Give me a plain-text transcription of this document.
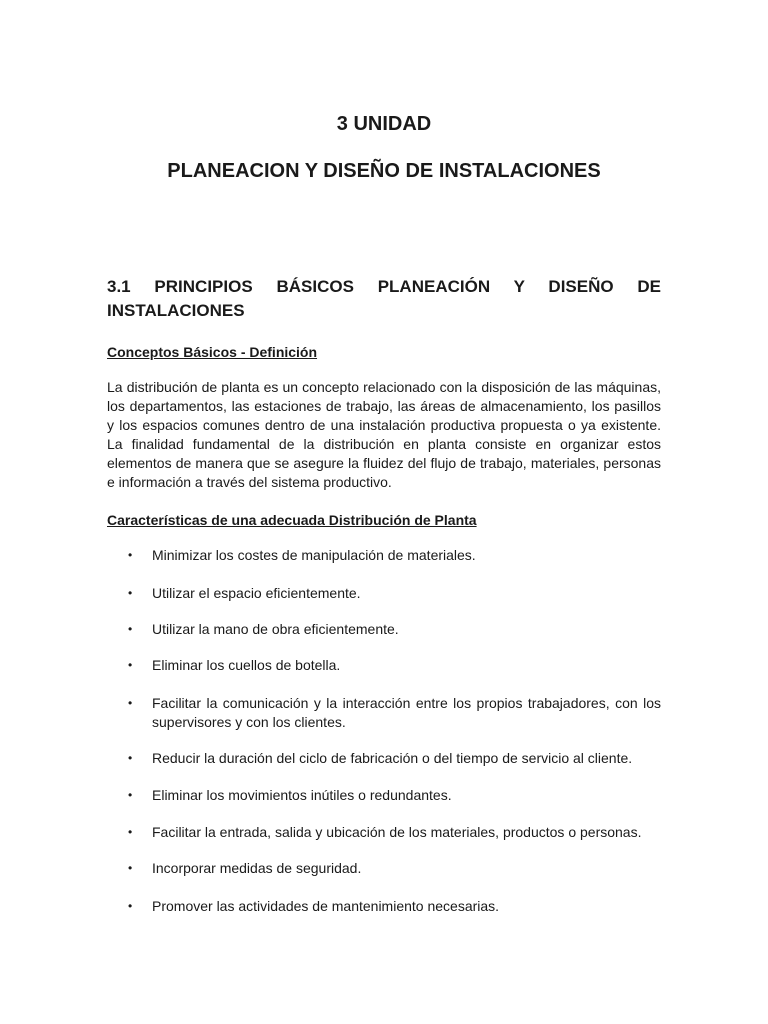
3 UNIDAD
PLANEACION Y DISEÑO DE INSTALACIONES
3.1 PRINCIPIOS BÁSICOS PLANEACIÓN Y DISEÑO DE INSTALACIONES
Conceptos Básicos - Definición

La distribución de planta es un concepto relacionado con la disposición de las máquinas, los departamentos, las estaciones de trabajo, las áreas de almacenamiento, los pasillos y los espacios comunes dentro de una instalación productiva propuesta o ya existente. La finalidad fundamental de la distribución en planta consiste en organizar estos elementos de manera que se asegure la fluidez del flujo de trabajo, materiales, personas e información a través del sistema productivo.

Características de una adecuada Distribución de Planta
•	Minimizar los costes de manipulación de materiales.
•	Utilizar el espacio eficientemente.
•	Utilizar la mano de obra eficientemente.
•	Eliminar los cuellos de botella.
•	Facilitar la comunicación y la interacción entre los propios trabajadores, con los supervisores y con los clientes.
•	Reducir la duración del ciclo de fabricación o del tiempo de servicio al cliente.
•	Eliminar los movimientos inútiles o redundantes.
•	Facilitar la entrada, salida y ubicación de los materiales, productos o personas.
•	Incorporar medidas de seguridad.
•	Promover las actividades de mantenimiento necesarias.
